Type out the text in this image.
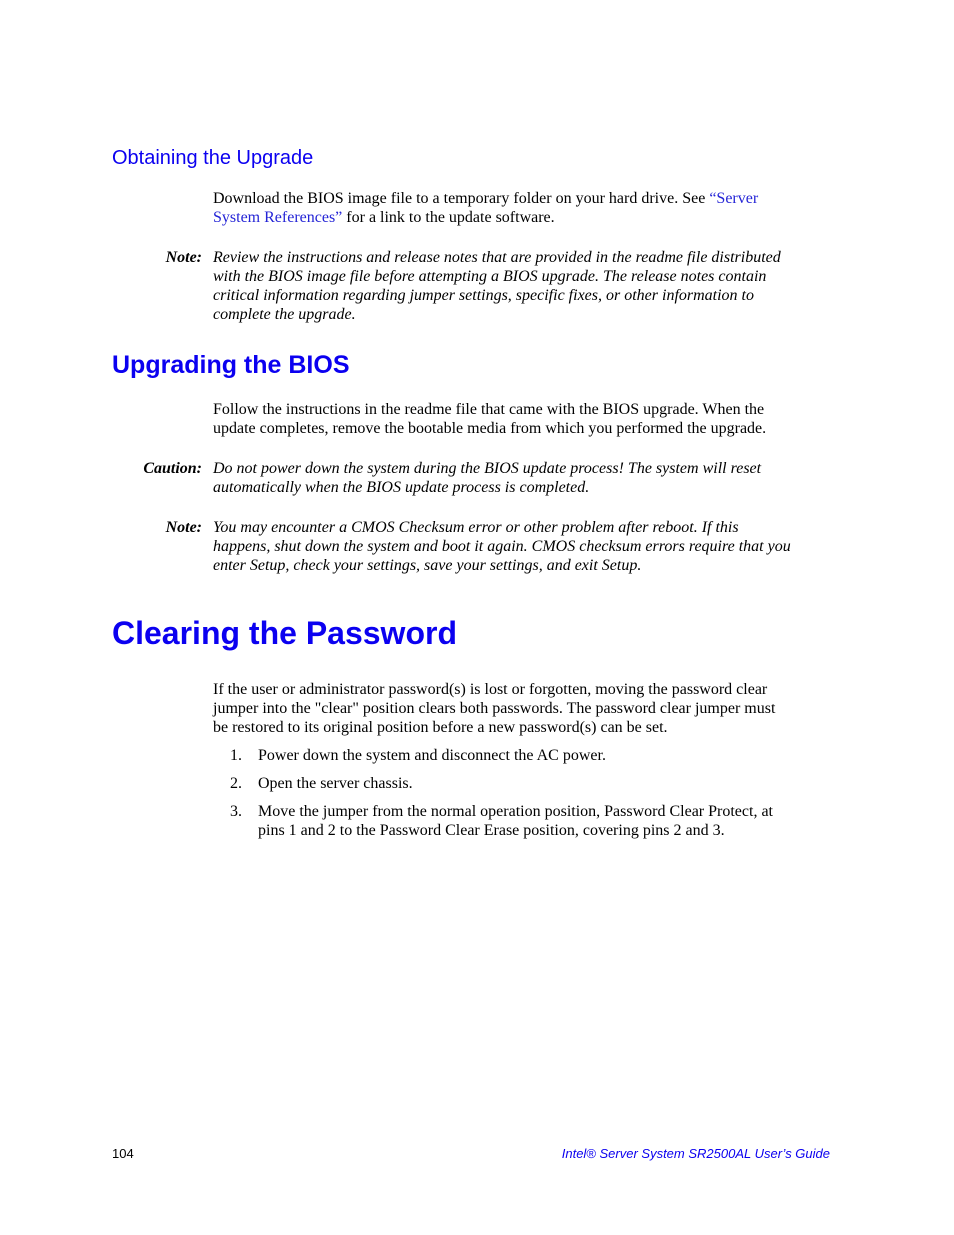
Obtaining the Upgrade
Download the BIOS image file to a temporary folder on your hard drive. See “Server
System References” for a link to the update software.
Note: Review the instructions and release notes that are provided in the readme file distributed
with the BIOS image file before attempting a BIOS upgrade. The release notes contain
critical information regarding jumper settings, specific fixes, or other information to
complete the upgrade.
Upgrading the BIOS
Follow the instructions in the readme file that came with the BIOS upgrade. When the
update completes, remove the bootable media from which you performed the upgrade.
Caution: Do not power down the system during the BIOS update process! The system will reset
automatically when the BIOS update process is completed.
Note: You may encounter a CMOS Checksum error or other problem after reboot. If this
happens, shut down the system and boot it again. CMOS checksum errors require that you
enter Setup, check your settings, save your settings, and exit Setup.
Clearing the Password
If the user or administrator password(s) is lost or forgotten, moving the password clear
jumper into the "clear" position clears both passwords. The password clear jumper must
be restored to its original position before a new password(s) can be set.
1.	Power down the system and disconnect the AC power.
2.	Open the server chassis.
3.	Move the jumper from the normal operation position, Password Clear Protect, at
pins 1 and 2 to the Password Clear Erase position, covering pins 2 and 3.
104	Intel® Server System SR2500AL User’s Guide
